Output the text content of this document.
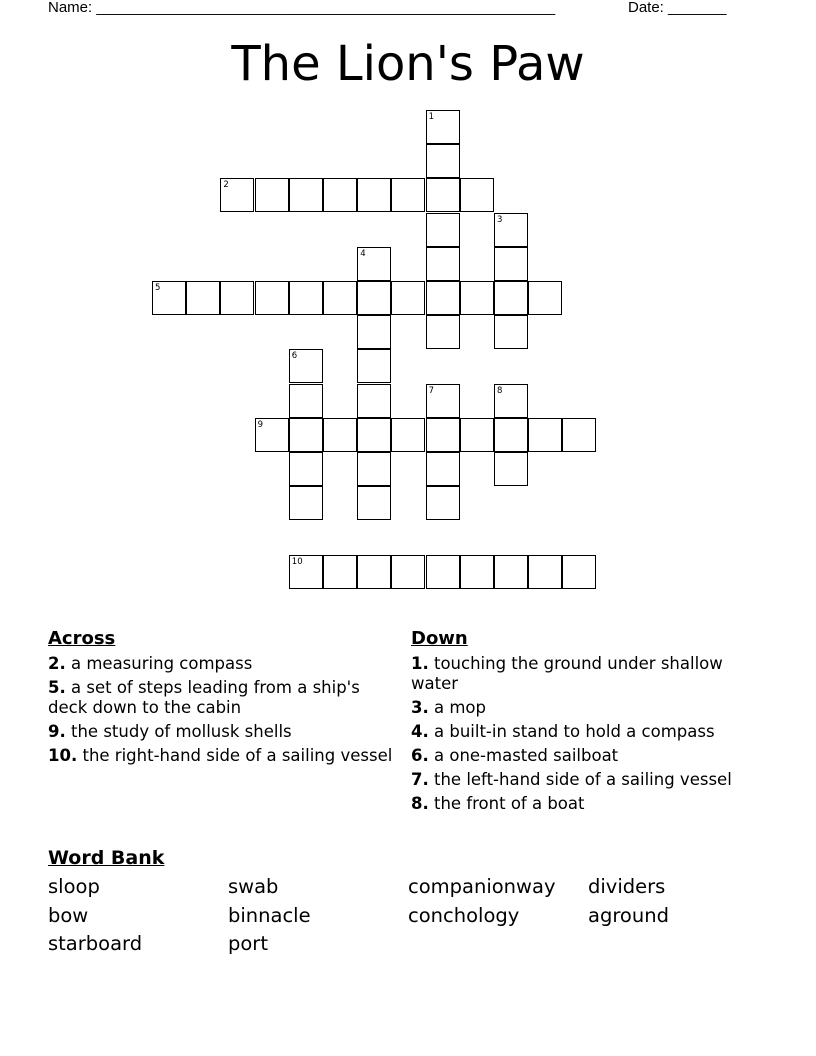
Name: _______________________________________________________	Date: _______
The Lion's Paw
1
2
3
4
5
6
7	8
9
10
Across
2. a measuring compass
5. a set of steps leading from a ship's deck down to the cabin
9. the study of mollusk shells
10. the right-hand side of a sailing vessel
Down
1. touching the ground under shallow water
3. a mop
4. a built-in stand to hold a compass
6. a one-masted sailboat
7. the left-hand side of a sailing vessel
8. the front of a boat
Word Bank
sloop	swab	companionway	dividers
bow	binnacle	conchology	aground
starboard	port
